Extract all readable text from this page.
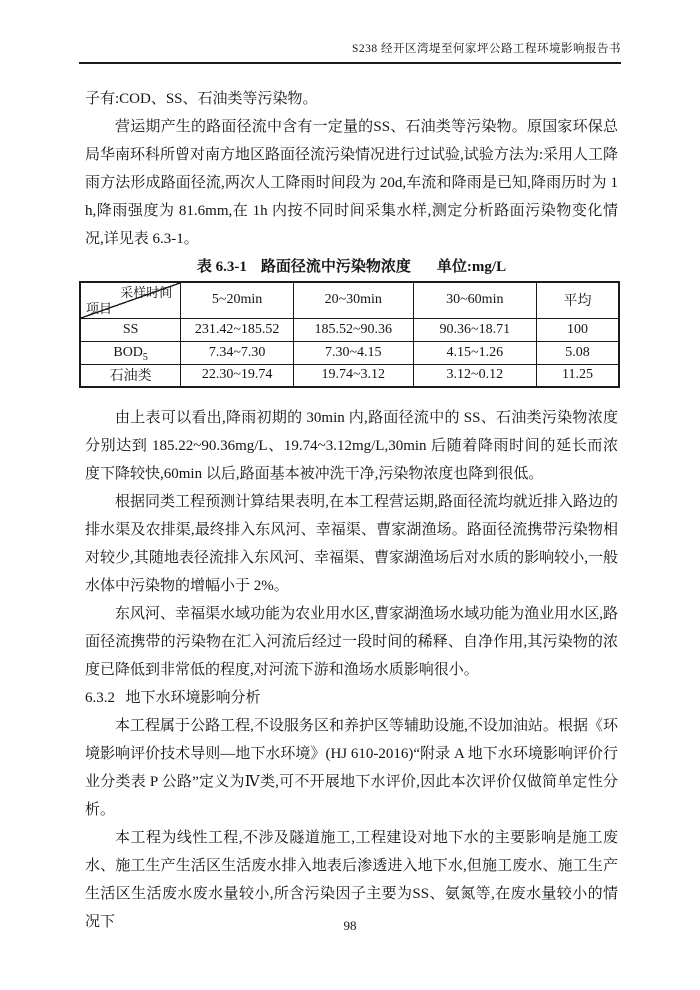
S238 经开区湾堤至何家坪公路工程环境影响报告书

子有:COD、SS、石油类等污染物。

营运期产生的路面径流中含有一定量的SS、石油类等污染物。原国家环保总局华南环科所曾对南方地区路面径流污染情况进行过试验,试验方法为:采用人工降雨方法形成路面径流,两次人工降雨时间段为 20d,车流和降雨是已知,降雨历时为 1h,降雨强度为 81.6mm,在 1h 内按不同时间采集水样,测定分析路面污染物变化情况,详见表 6.3-1。

表 6.3-1 路面径流中污染物浓度 单位:mg/L
采样时间
项目	5~20min	20~30min	30~60min	平均
SS	231.42~185.52	185.52~90.36	90.36~18.71	100
$BOD_5$	7.34~7.30	7.30~4.15	4.15~1.26	5.08
石油类	22.30~19.74	19.74~3.12	3.12~0.12	11.25

由上表可以看出,降雨初期的 30min 内,路面径流中的 SS、石油类污染物浓度分别达到 185.22~90.36mg/L、19.74~3.12mg/L,30min 后随着降雨时间的延长而浓度下降较快,60min 以后,路面基本被冲洗干净,污染物浓度也降到很低。

根据同类工程预测计算结果表明,在本工程营运期,路面径流均就近排入路边的排水渠及农排渠,最终排入东风河、幸福渠、曹家湖渔场。路面径流携带污染物相对较少,其随地表径流排入东风河、幸福渠、曹家湖渔场后对水质的影响较小,一般水体中污染物的增幅小于 2%。

东风河、幸福渠水域功能为农业用水区,曹家湖渔场水域功能为渔业用水区,路面径流携带的污染物在汇入河流后经过一段时间的稀释、自净作用,其污染物的浓度已降低到非常低的程度,对河流下游和渔场水质影响很小。

6.3.2 地下水环境影响分析

本工程属于公路工程,不设服务区和养护区等辅助设施,不设加油站。根据《环境影响评价技术导则—地下水环境》(HJ 610-2016)“附录 A 地下水环境影响评价行业分类表 P 公路”定义为Ⅳ类,可不开展地下水评价,因此本次评价仅做简单定性分析。

本工程为线性工程,不涉及隧道施工,工程建设对地下水的主要影响是施工废水、施工生产生活区生活废水排入地表后渗透进入地下水,但施工废水、施工生产生活区生活废水废水量较小,所含污染因子主要为SS、氨氮等,在废水量较小的情况下	98
